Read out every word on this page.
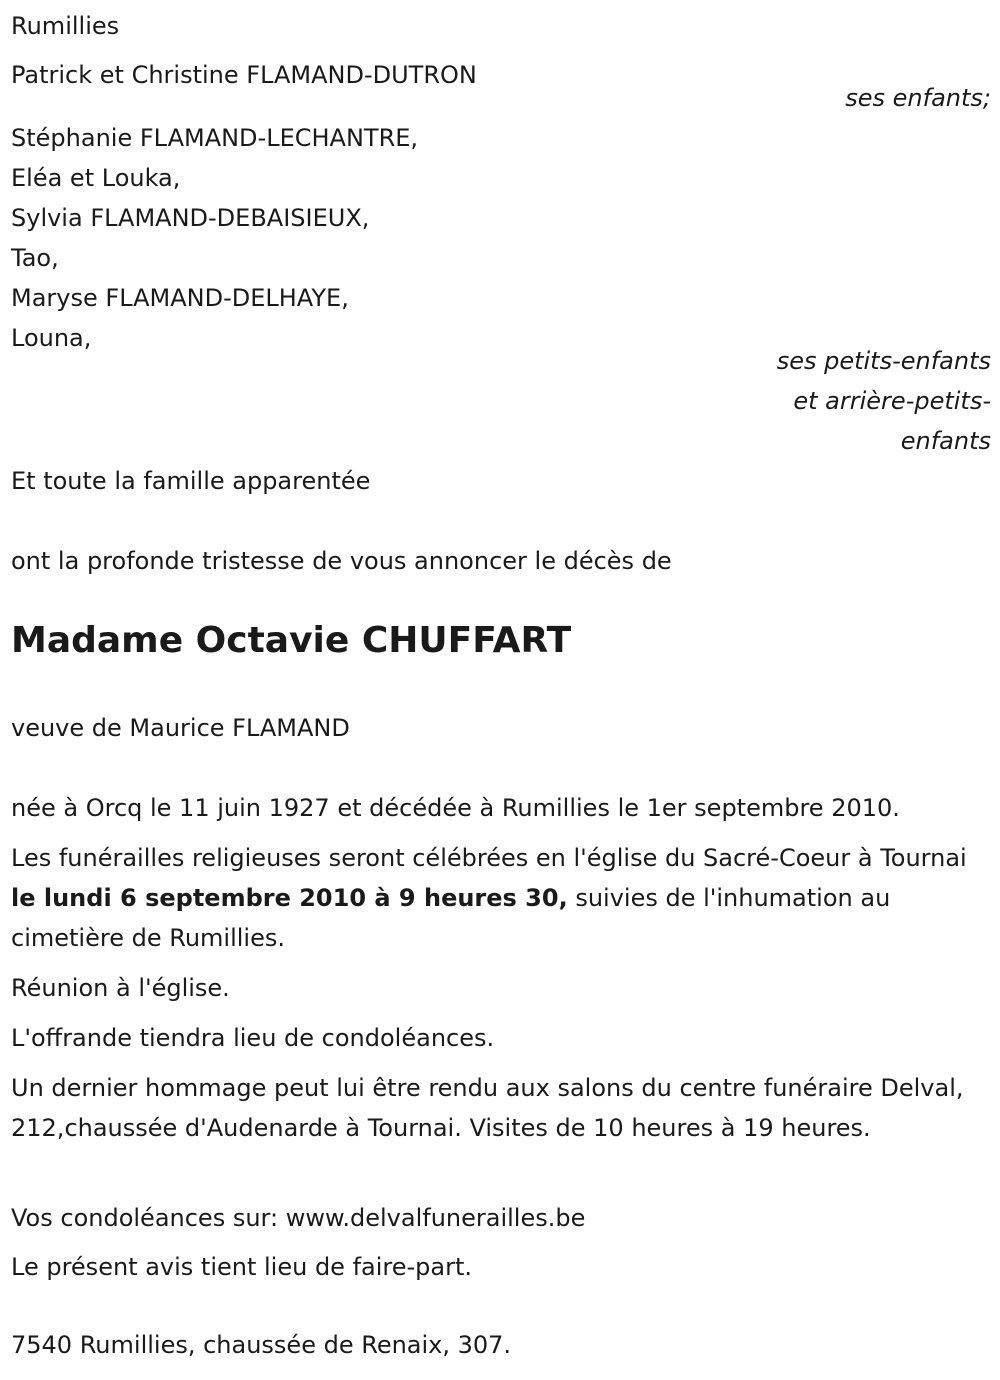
Rumillies
Patrick et Christine FLAMAND-DUTRON
ses enfants;
Stéphanie FLAMAND-LECHANTRE,
Eléa et Louka,
Sylvia FLAMAND-DEBAISIEUX,
Tao,
Maryse FLAMAND-DELHAYE,
Louna,
ses petits-enfants
et arrière-petits-
enfants
Et toute la famille apparentée
ont la profonde tristesse de vous annoncer le décès de
Madame Octavie CHUFFART
veuve de Maurice FLAMAND
née à Orcq le 11 juin 1927 et décédée à Rumillies le 1er septembre 2010.
Les funérailles religieuses seront célébrées en l'église du Sacré-Coeur à Tournai le lundi 6 septembre 2010 à 9 heures 30, suivies de l'inhumation au cimetière de Rumillies.
Réunion à l'église.
L'offrande tiendra lieu de condoléances.
Un dernier hommage peut lui être rendu aux salons du centre funéraire Delval, 212,chaussée d'Audenarde à Tournai. Visites de 10 heures à 19 heures.
Vos condoléances sur: www.delvalfunerailles.be
Le présent avis tient lieu de faire-part.
7540 Rumillies, chaussée de Renaix, 307.
